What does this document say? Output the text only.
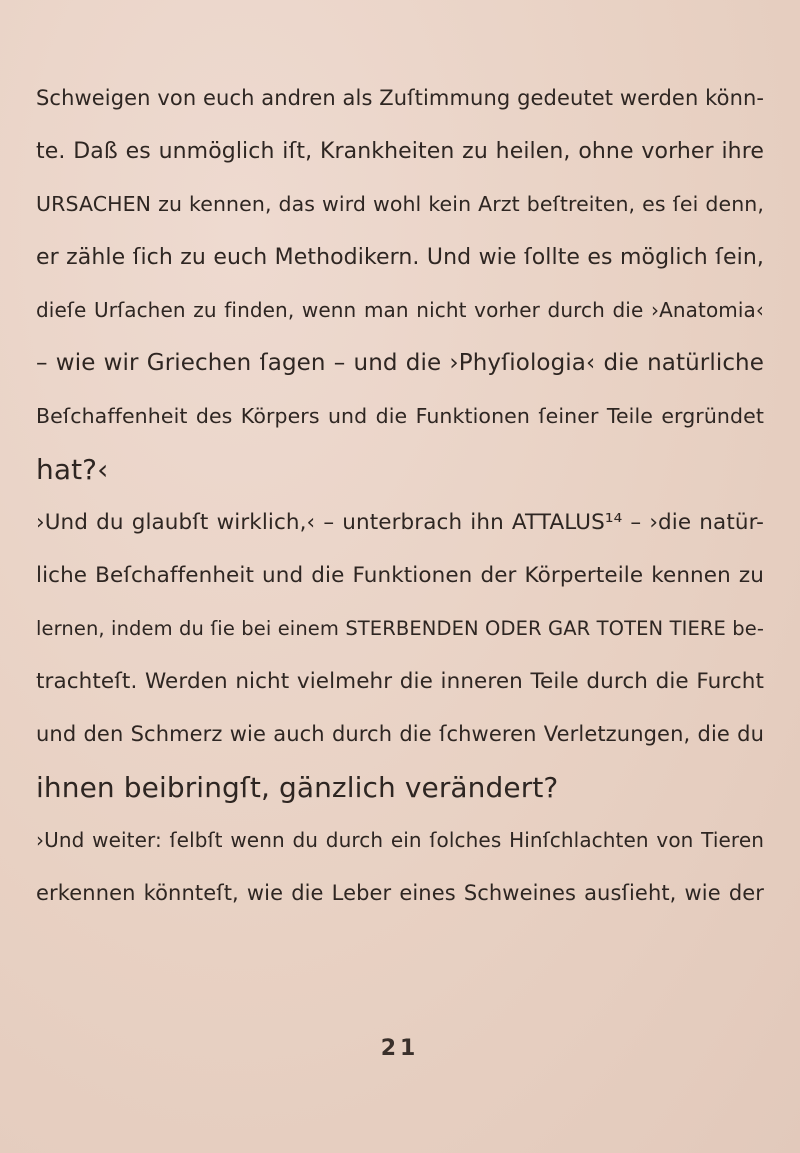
Schweigen von euch andren als Zuſtimmung gedeutet werden könn-
te. Daß es unmöglich iſt, Krankheiten zu heilen, ohne vorher ihre
URSACHEN zu kennen, das wird wohl kein Arzt beſtreiten, es ſei denn,
er zähle ſich zu euch Methodikern. Und wie ſollte es möglich ſein,
dieſe Urſachen zu finden, wenn man nicht vorher durch die ›Anatomia‹
– wie wir Griechen ſagen – und die ›Phyſiologia‹ die natürliche
Beſchaffenheit des Körpers und die Funktionen ſeiner Teile ergründet
hat?‹
›Und du glaubſt wirklich,‹ – unterbrach ihn ATTALUS¹⁴ – ›die natür-
liche Beſchaffenheit und die Funktionen der Körperteile kennen zu
lernen, indem du ſie bei einem STERBENDEN ODER GAR TOTEN TIERE be-
trachteſt. Werden nicht vielmehr die inneren Teile durch die Furcht
und den Schmerz wie auch durch die ſchweren Verletzungen, die du
ihnen beibringſt, gänzlich verändert?
›Und weiter: ſelbſt wenn du durch ein ſolches Hinſchlachten von Tieren
erkennen könnteſt, wie die Leber eines Schweines ausſieht, wie der
21
